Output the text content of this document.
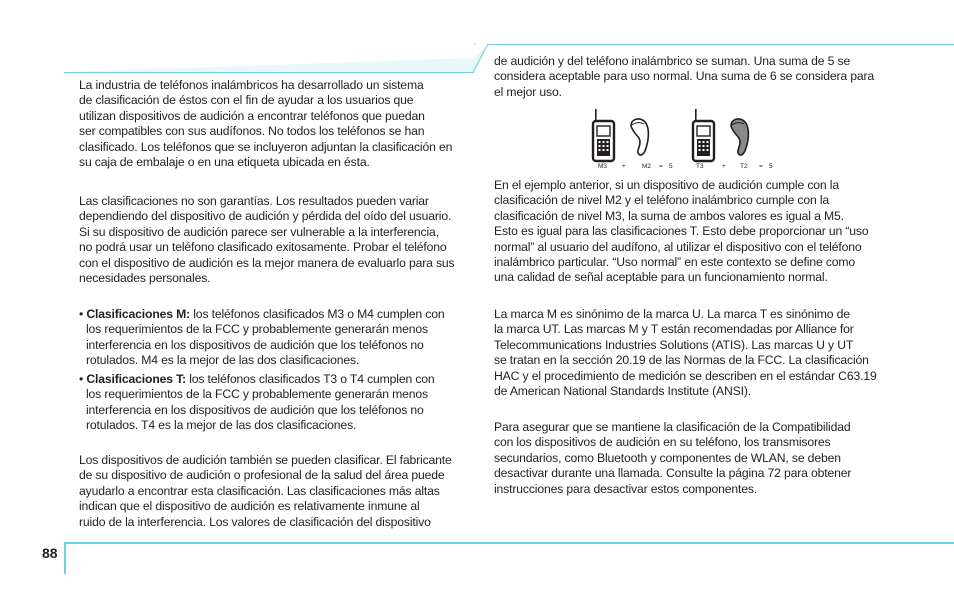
La industria de teléfonos inalámbricos ha desarrollado un sistema
de clasificación de éstos con el fin de ayudar a los usuarios que
utilizan dispositivos de audición a encontrar teléfonos que puedan
ser compatibles con sus audífonos. No todos los teléfonos se han
clasificado. Los teléfonos que se incluyeron adjuntan la clasificación en
su caja de embalaje o en una etiqueta ubicada en ésta.
Las clasificaciones no son garantías. Los resultados pueden variar
dependiendo del dispositivo de audición y pérdida del oído del usuario.
Si su dispositivo de audición parece ser vulnerable a la interferencia,
no podrá usar un teléfono clasificado exitosamente. Probar el teléfono
con el dispositivo de audición es la mejor manera de evaluarlo para sus
necesidades personales.
• Clasificaciones M: los teléfonos clasificados M3 o M4 cumplen con
los requerimientos de la FCC y probablemente generarán menos
interferencia en los dispositivos de audición que los teléfonos no
rotulados. M4 es la mejor de las dos clasificaciones.
• Clasificaciones T: los teléfonos clasificados T3 o T4 cumplen con
los requerimientos de la FCC y probablemente generarán menos
interferencia en los dispositivos de audición que los teléfonos no
rotulados. T4 es la mejor de las dos clasificaciones.
Los dispositivos de audición también se pueden clasificar. El fabricante
de su dispositivo de audición o profesional de la salud del área puede
ayudarlo a encontrar esta clasificación. Las clasificaciones más altas
indican que el dispositivo de audición es relativamente inmune al
ruido de la interferencia. Los valores de clasificación del dispositivo
de audición y del teléfono inalámbrico se suman. Una suma de 5 se
considera aceptable para uso normal. Una suma de 6 se considera para
el mejor uso.
M3 + M2 = 5	T3	+ T2 = 5
En el ejemplo anterior, si un dispositivo de audición cumple con la
clasificación de nivel M2 y el teléfono inalámbrico cumple con la
clasificación de nivel M3, la suma de ambos valores es igual a M5.
Esto es igual para las clasificaciones T. Esto debe proporcionar un “uso
normal” al usuario del audífono, al utilizar el dispositivo con el teléfono
inalámbrico particular. “Uso normal” en este contexto se define como
una calidad de señal aceptable para un funcionamiento normal.
La marca M es sinónimo de la marca U. La marca T es sinónimo de
la marca UT. Las marcas M y T están recomendadas por Alliance for
Telecommunications Industries Solutions (ATIS). Las marcas U y UT
se tratan en la sección 20.19 de las Normas de la FCC. La clasificación
HAC y el procedimiento de medición se describen en el estándar C63.19
de American National Standards Institute (ANSI).
Para asegurar que se mantiene la clasificación de la Compatibilidad
con los dispositivos de audición en su teléfono, los transmisores
secundarios, como Bluetooth y componentes de WLAN, se deben
desactivar durante una llamada. Consulte la página 72 para obtener
instrucciones para desactivar estos componentes.
88
